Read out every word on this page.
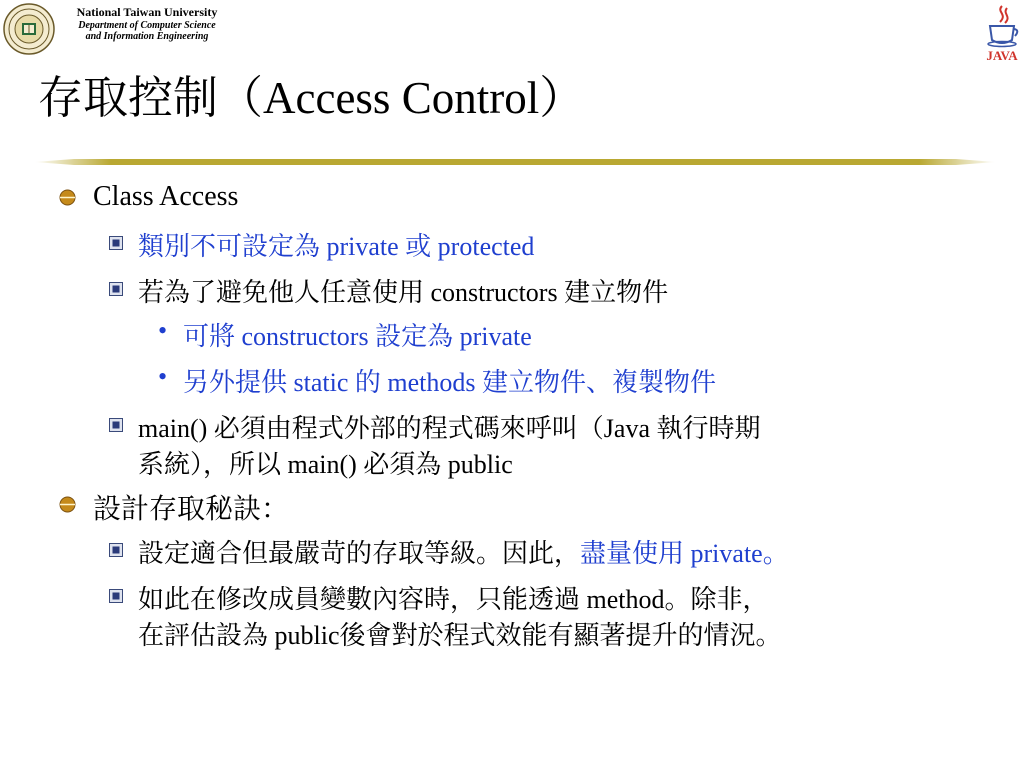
National Taiwan University
Department of Computer Science
and Information Engineering
JAVA
存取控制（Access Control）
Class Access
類別不可設定為 private 或 protected
若為了避免他人任意使用 constructors 建立物件
• 可將 constructors 設定為 private
• 另外提供 static 的 methods 建立物件、複製物件
main() 必須由程式外部的程式碼來呼叫（Java 執行時期
系統），所以 main() 必須為 public
設計存取秘訣：
設定適合但最嚴苛的存取等級。因此，盡量使用 private。
如此在修改成員變數內容時，只能透過 method。除非，
在評估設為 public後會對於程式效能有顯著提升的情況。
